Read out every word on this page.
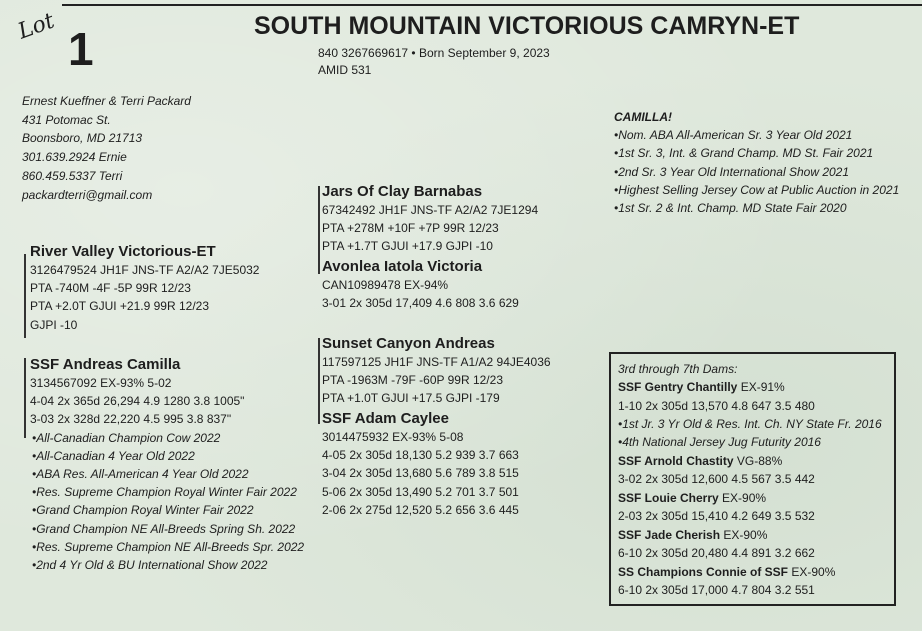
Lot 1	SOUTH MOUNTAIN VICTORIOUS CAMRYN-ET
840 3267669617 • Born September 9, 2023
AMID 531
Ernest Kueffner & Terri Packard
431 Potomac St.
Boonsboro, MD 21713
301.639.2924 Ernie
860.459.5337 Terri
packardterri@gmail.com
River Valley Victorious-ET
3126479524 JH1F JNS-TF A2/A2 7JE5032
PTA -740M -4F -5P 99R 12/23
PTA +2.0T GJUI +21.9 99R 12/23
GJPI -10
SSF Andreas Camilla
3134567092 EX-93% 5-02
4-04 2x 365d 26,294 4.9 1280 3.8 1005"
3-03 2x 328d 22,220 4.5 995 3.8 837"
•All-Canadian Champion Cow 2022
•All-Canadian 4 Year Old 2022
•ABA Res. All-American 4 Year Old 2022
•Res. Supreme Champion Royal Winter Fair 2022
•Grand Champion Royal Winter Fair 2022
•Grand Champion NE All-Breeds Spring Sh. 2022
•Res. Supreme Champion NE All-Breeds Spr. 2022
•2nd 4 Yr Old & BU International Show 2022
Jars Of Clay Barnabas
67342492 JH1F JNS-TF A2/A2 7JE1294
PTA +278M +10F +7P 99R 12/23
PTA +1.7T GJUI +17.9 GJPI -10
Avonlea Iatola Victoria
CAN10989478 EX-94%
3-01 2x 305d 17,409 4.6 808 3.6 629
Sunset Canyon Andreas
117597125 JH1F JNS-TF A1/A2 94JE4036
PTA -1963M -79F -60P 99R 12/23
PTA +1.0T GJUI +17.5 GJPI -179
SSF Adam Caylee
3014475932 EX-93% 5-08
4-05 2x 305d 18,130 5.2 939 3.7 663
3-04 2x 305d 13,680 5.6 789 3.8 515
5-06 2x 305d 13,490 5.2 701 3.7 501
2-06 2x 275d 12,520 5.2 656 3.6 445
CAMILLA!
•Nom. ABA All-American Sr. 3 Year Old 2021
•1st Sr. 3, Int. & Grand Champ. MD St. Fair 2021
•2nd Sr. 3 Year Old International Show 2021
•Highest Selling Jersey Cow at Public Auction in 2021
•1st Sr. 2 & Int. Champ. MD State Fair 2020
3rd through 7th Dams:
SSF Gentry Chantilly EX-91%
1-10 2x 305d 13,570 4.8 647 3.5 480
•1st Jr. 3 Yr Old & Res. Int. Ch. NY State Fr. 2016
•4th National Jersey Jug Futurity 2016
SSF Arnold Chastity VG-88%
3-02 2x 305d 12,600 4.5 567 3.5 442
SSF Louie Cherry EX-90%
2-03 2x 305d 15,410 4.2 649 3.5 532
SSF Jade Cherish EX-90%
6-10 2x 305d 20,480 4.4 891 3.2 662
SS Champions Connie of SSF EX-90%
6-10 2x 305d 17,000 4.7 804 3.2 551
